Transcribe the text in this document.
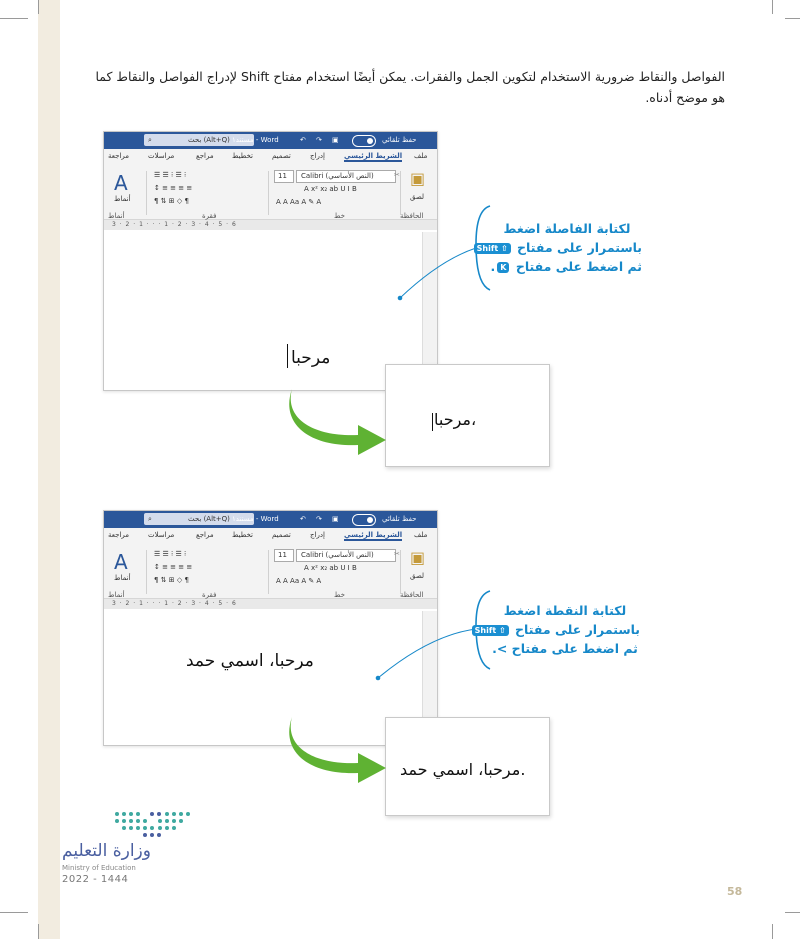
الفواصل والنقاط ضرورية الاستخدام لتكوين الجمل والفقرات. يمكن أيضًا استخدام مفتاح Shift لإدراج الفواصل والنقاط كما
هو موضح أدناه.
⌕	بحث (Alt+Q) مستند١ - Word	↶ ↷ ▣	حفظ تلقائي
مراجعة	مراسلات	مراجع	تخطيط	تصميم	إدراج	الشريط الرئيسي ملف
A
أنماط
☰ ☰ ⁝ ☰ ⁝
↕ ≡ ≡ ≡ ≡
¶ ⇅ ⊞ ◇ ¶
11 Calibri (النص الأساسي)
A x² x₂ ab U I B
A A Aa A ✎ A
▣
لصق
✂
أنماط	فقرة	خط	الحافظة
3 · 2 · 1 · · · 1 · 2 · 3 · 4 · 5 · 6
مرحبا
مرحبا،
لكتابة الفاصلة اضغط
باستمرار على مفتاح ⇧ Shift
ثم اضغط على مفتاح K.
⌕	بحث (Alt+Q) مستند١ - Word	↶ ↷ ▣	حفظ تلقائي
مراجعة	مراسلات	مراجع	تخطيط	تصميم	إدراج	الشريط الرئيسي ملف
A
أنماط
☰ ☰ ⁝ ☰ ⁝
↕ ≡ ≡ ≡ ≡
¶ ⇅ ⊞ ◇ ¶
11 Calibri (النص الأساسي)
A x² x₂ ab U I B
A A Aa A ✎ A
▣
لصق
✂
أنماط	فقرة	خط	الحافظة
3 · 2 · 1 · · · 1 · 2 · 3 · 4 · 5 · 6
مرحبا، اسمي حمد
مرحبا، اسمي حمد.
لكتابة النقطة اضغط
باستمرار على مفتاح ⇧ Shift
ثم اضغط على مفتاح >.
وزارة التعليم
Ministry of Education
2022 - 1444
58
